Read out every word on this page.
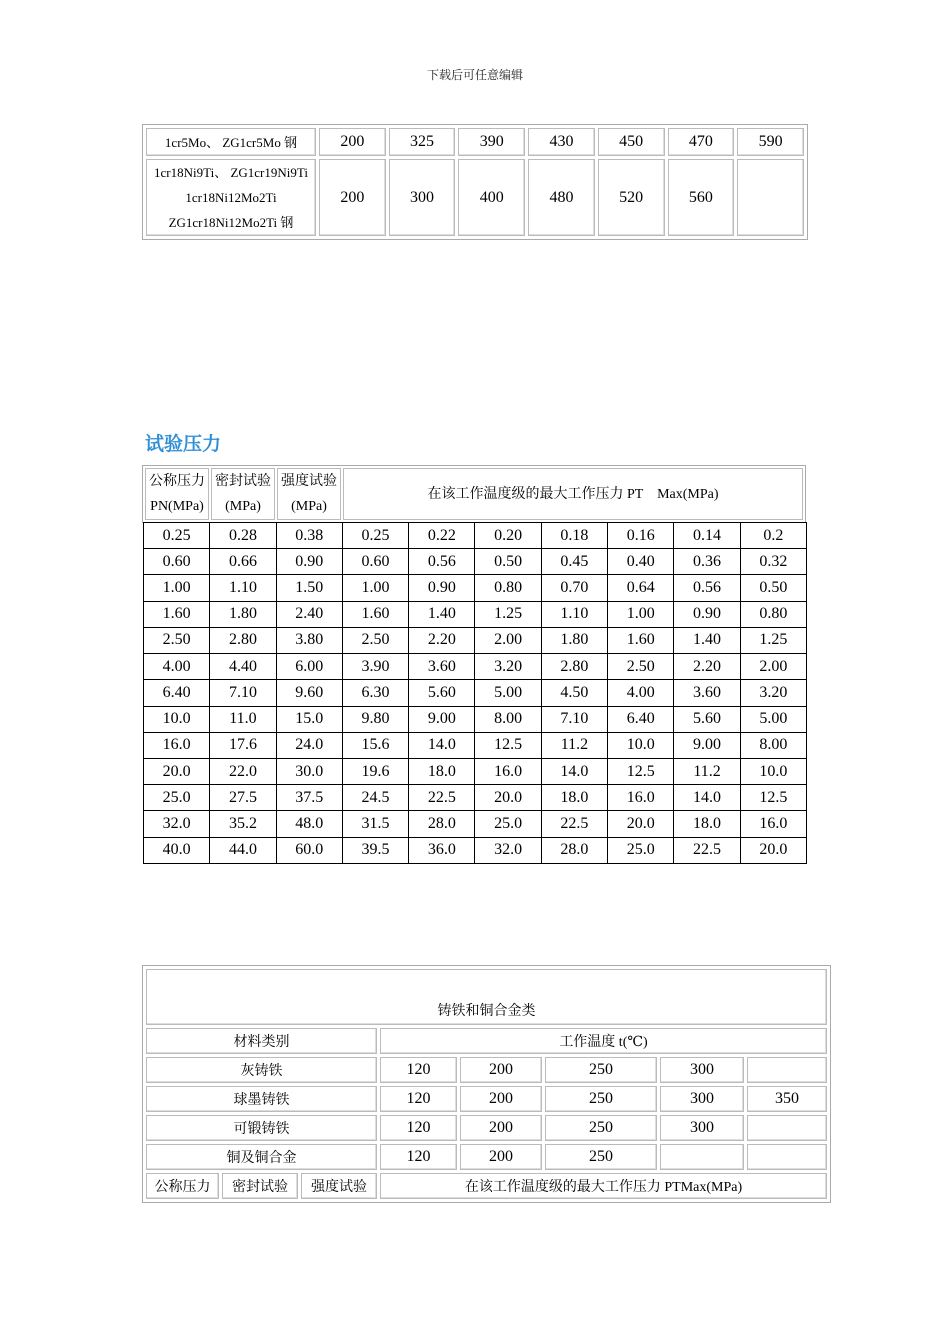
下载后可任意编辑
1cr5Mo、 ZG1cr5Mo 钢	200	325	390	430	450	470	590

1cr18Ni9Ti、 ZG1cr19Ni9Ti
1cr18Ni12Mo2Ti
ZG1cr18Ni12Mo2Ti 钢	200	300	400	480	520	560	
试验压力
公称压力
PN(MPa)

密封试验
(MPa)

强度试验
(MPa)
	在该工作温度级的最大工作压力 PT　Max(MPa)
0.25	0.28	0.38	0.25	0.22	0.20	0.18	0.16	0.14	0.2
0.60	0.66	0.90	0.60	0.56	0.50	0.45	0.40	0.36	0.32
1.00	1.10	1.50	1.00	0.90	0.80	0.70	0.64	0.56	0.50
1.60	1.80	2.40	1.60	1.40	1.25	1.10	1.00	0.90	0.80
2.50	2.80	3.80	2.50	2.20	2.00	1.80	1.60	1.40	1.25
4.00	4.40	6.00	3.90	3.60	3.20	2.80	2.50	2.20	2.00
6.40	7.10	9.60	6.30	5.60	5.00	4.50	4.00	3.60	3.20
10.0	11.0	15.0	9.80	9.00	8.00	7.10	6.40	5.60	5.00
16.0	17.6	24.0	15.6	14.0	12.5	11.2	10.0	9.00	8.00
20.0	22.0	30.0	19.6	18.0	16.0	14.0	12.5	11.2	10.0
25.0	27.5	37.5	24.5	22.5	20.0	18.0	16.0	14.0	12.5
32.0	35.2	48.0	31.5	28.0	25.0	22.5	20.0	18.0	16.0
40.0	44.0	60.0	39.5	36.0	32.0	28.0	25.0	22.5	20.0
铸铁和铜合金类							
材料类别			工作温度 t(℃)				
灰铸铁			120	200	250	300	
球墨铸铁			120	200	250	300	350
可锻铸铁			120	200	250	300	
铜及铜合金			120	200	250		
公称压力	密封试验	强度试验	在该工作温度级的最大工作压力 PTMax(MPa)				
